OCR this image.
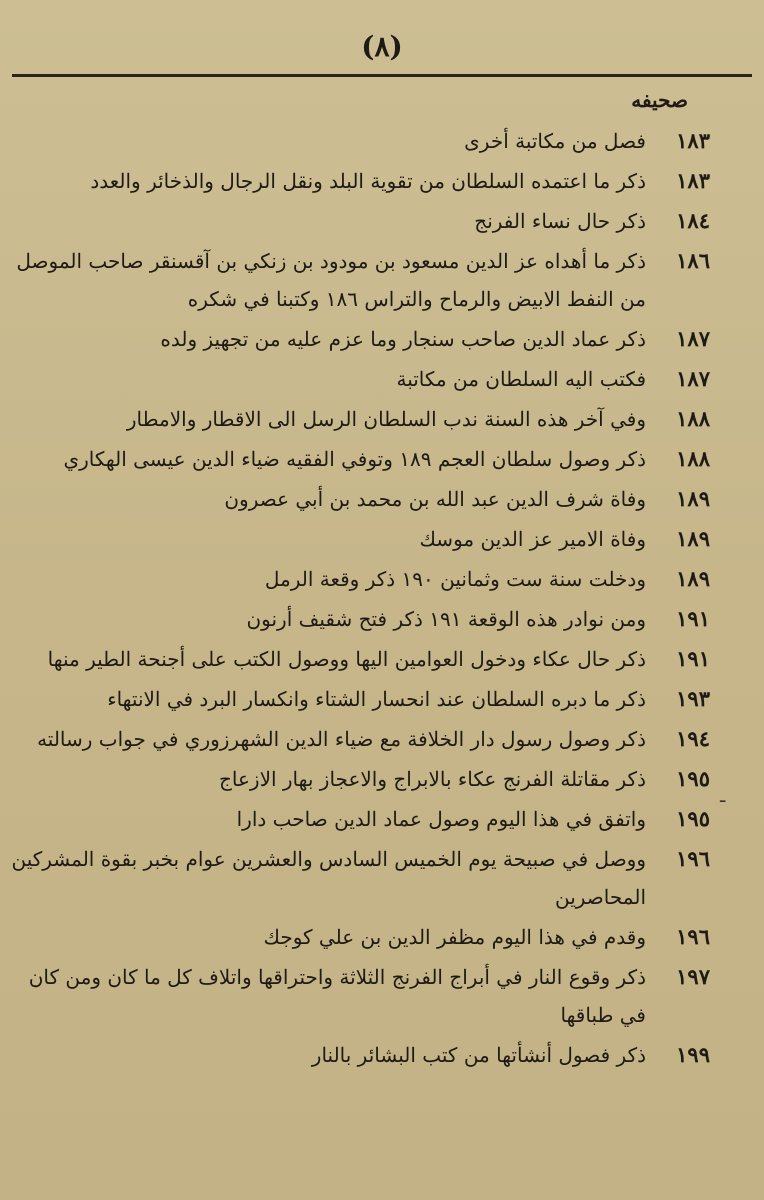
(٨)
صحيفه
ـ
١٨٣
فصل من مكاتبة أخرى
١٨٣
ذكر ما اعتمده السلطان من تقوية البلد ونقل الرجال والذخائر والعدد
١٨٤
ذكر حال نساء الفرنج
١٨٦
ذكر ما أهداه عز الدين مسعود بن مودود بن زنكي بن آقسنقر صاحب الموصل من النفط الابيض والرماح والتراس ١٨٦ وكتبنا في شكره
١٨٧
ذكر عماد الدين صاحب سنجار وما عزم عليه من تجهيز ولده
١٨٧
فكتب اليه السلطان من مكاتبة
١٨٨
وفي آخر هذه السنة ندب السلطان الرسل الى الاقطار والامطار
١٨٨
ذكر وصول سلطان العجم ١٨٩ وتوفي الفقيه ضياء الدين عيسى الهكاري
١٨٩
وفاة شرف الدين عبد الله بن محمد بن أبي عصرون
١٨٩
وفاة الامير عز الدين موسك
١٨٩
ودخلت سنة ست وثمانين ١٩٠ ذكر وقعة الرمل
١٩١
ومن نوادر هذه الوقعة ١٩١ ذكر فتح شقيف أرنون
١٩١
ذكر حال عكاء ودخول العوامين اليها ووصول الكتب على أجنحة الطير منها
١٩٣
ذكر ما دبره السلطان عند انحسار الشتاء وانكسار البرد في الانتهاء
١٩٤
ذكر وصول رسول دار الخلافة مع ضياء الدين الشهرزوري في جواب رسالته
١٩٥
ذكر مقاتلة الفرنج عكاء بالابراج والاعجاز بهار الازعاج
١٩٥
واتفق في هذا اليوم وصول عماد الدين صاحب دارا
١٩٦
ووصل في صبيحة يوم الخميس السادس والعشرين عوام بخبر بقوة المشركين المحاصرين
١٩٦
وقدم في هذا اليوم مظفر الدين بن علي كوجك
١٩٧
ذكر وقوع النار في أبراج الفرنج الثلاثة واحتراقها واتلاف كل ما كان ومن كان في طباقها
١٩٩
ذكر فصول أنشأتها من كتب البشائر بالنار
